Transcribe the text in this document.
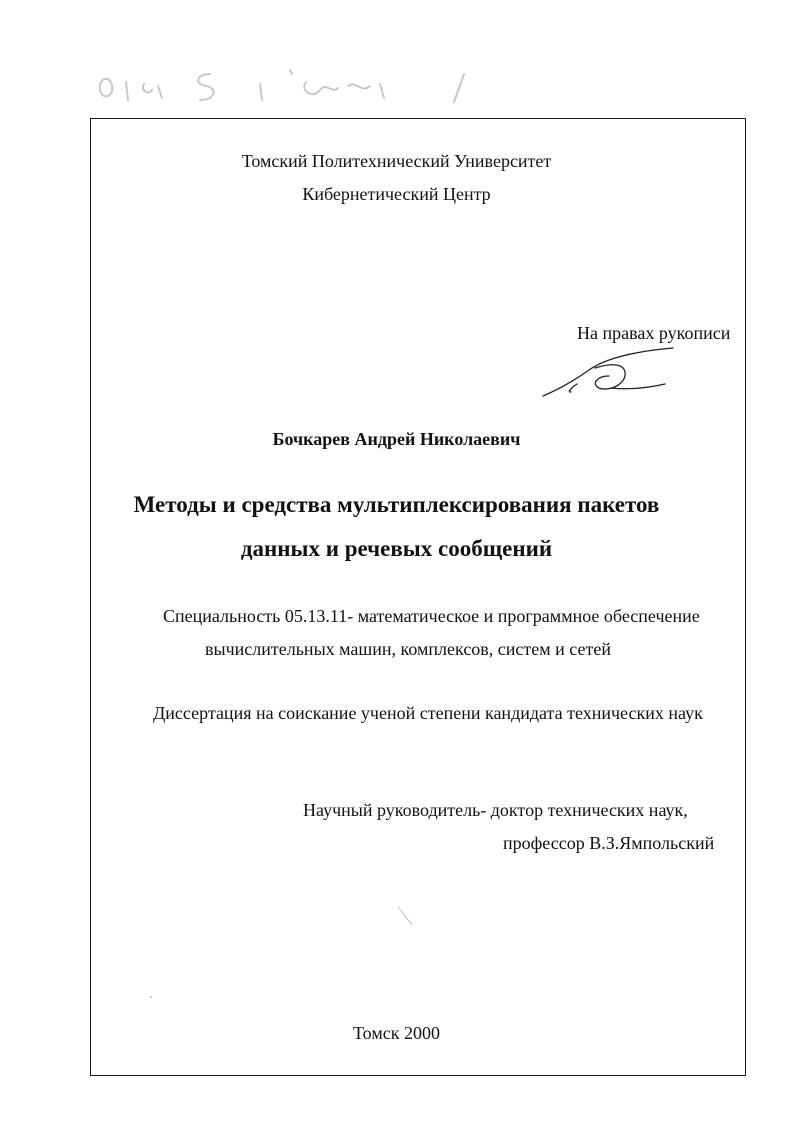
Томский Политехнический Университет
Кибернетический Центр
На правах рукописи
Бочкарев Андрей Николаевич
Методы и средства мультиплексирования пакетов
данных и речевых сообщений
Специальность 05.13.11- математическое и программное обеспечение
вычислительных машин, комплексов, систем и сетей
Диссертация на соискание ученой степени кандидата технических наук
Научный руководитель- доктор технических наук,
профессор В.З.Ямпольский
Томск 2000
